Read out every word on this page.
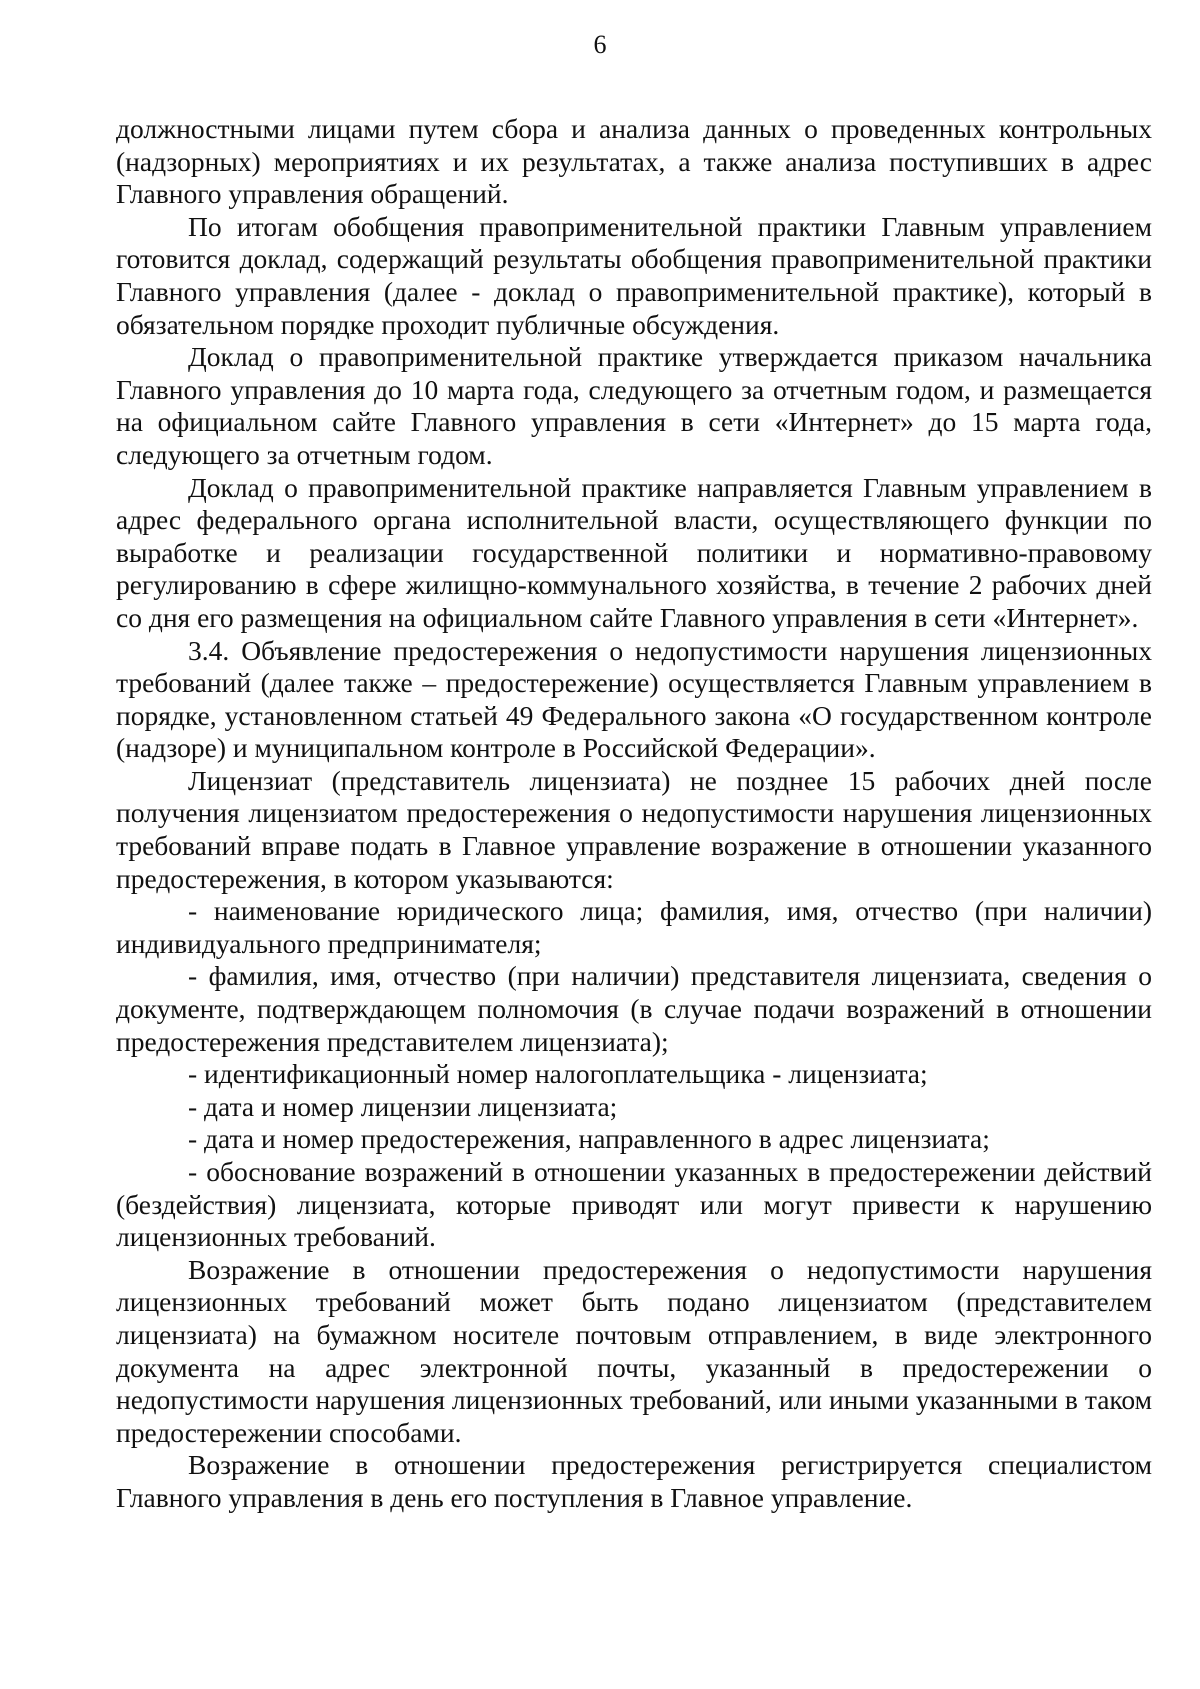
6

должностными лицами путем сбора и анализа данных о проведенных контрольных (надзорных) мероприятиях и их результатах, а также анализа поступивших в адрес Главного управления обращений.

По итогам обобщения правоприменительной практики Главным управлением готовится доклад, содержащий результаты обобщения правоприменительной практики Главного управления (далее - доклад о правоприменительной практике), который в обязательном порядке проходит публичные обсуждения.

Доклад о правоприменительной практике утверждается приказом начальника Главного управления до 10 марта года, следующего за отчетным годом, и размещается на официальном сайте Главного управления в сети «Интернет» до 15 марта года, следующего за отчетным годом.

Доклад о правоприменительной практике направляется Главным управлением в адрес федерального органа исполнительной власти, осуществляющего функции по выработке и реализации государственной политики и нормативно-правовому регулированию в сфере жилищно-коммунального хозяйства, в течение 2 рабочих дней со дня его размещения на официальном сайте Главного управления в сети «Интернет».

3.4. Объявление предостережения о недопустимости нарушения лицензионных требований (далее также – предостережение) осуществляется Главным управлением в порядке, установленном статьей 49 Федерального закона «О государственном контроле (надзоре) и муниципальном контроле в Российской Федерации».

Лицензиат (представитель лицензиата) не позднее 15 рабочих дней после получения лицензиатом предостережения о недопустимости нарушения лицензионных требований вправе подать в Главное управление возражение в отношении указанного предостережения, в котором указываются:

- наименование юридического лица; фамилия, имя, отчество (при наличии) индивидуального предпринимателя;

- фамилия, имя, отчество (при наличии) представителя лицензиата, сведения о документе, подтверждающем полномочия (в случае подачи возражений в отношении предостережения представителем лицензиата);

- идентификационный номер налогоплательщика - лицензиата;

- дата и номер лицензии лицензиата;

- дата и номер предостережения, направленного в адрес лицензиата;

- обоснование возражений в отношении указанных в предостережении действий (бездействия) лицензиата, которые приводят или могут привести к нарушению лицензионных требований.

Возражение в отношении предостережения о недопустимости нарушения лицензионных требований может быть подано лицензиатом (представителем лицензиата) на бумажном носителе почтовым отправлением, в виде электронного документа на адрес электронной почты, указанный в предостережении о недопустимости нарушения лицензионных требований, или иными указанными в таком предостережении способами.

Возражение в отношении предостережения регистрируется специалистом Главного управления в день его поступления в Главное управление.
